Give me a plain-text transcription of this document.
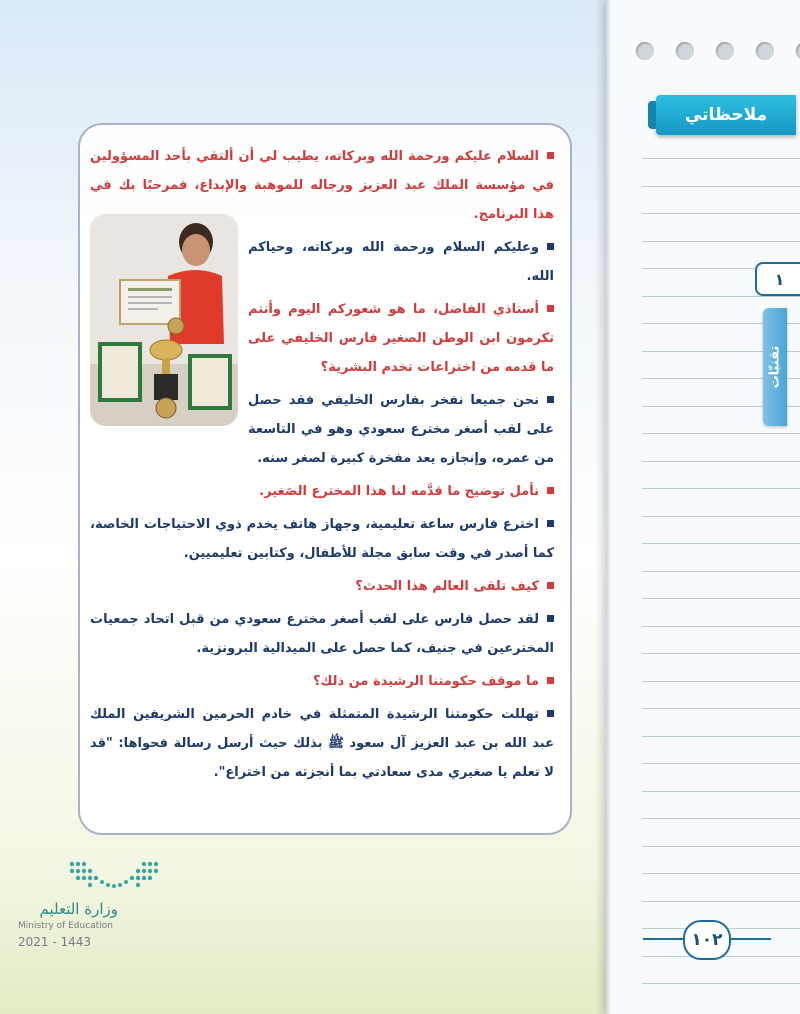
ملاحظاتي
١
تقنيّات
١٠٢

السلام عليكم ورحمة الله وبركاته، يطيب لي أن ألتقي بأحد المسؤولين في مؤسسة الملك عبد العزيز ورجاله للموهبة والإبداع، فمرحبًا بك في هذا البرنامج.

وعليكم السلام ورحمة الله وبركاته، وحياكم الله.

أستاذي الفاضل، ما هو شعوركم اليوم وأنتم تكرمون ابن الوطن الصغير فارس الخليفي على ما قدمه من اختراعات تخدم البشرية؟

نحن جميعا نفخر بفارس الخليفي فقد حصل على لقب أصغر مخترع سعودي وهو في التاسعة من عمره، وإنجازه يعد مفخرة كبيرة لصغر سنه.

نأمل توضيح ما قدَّمه لنا هذا المخترع الصَغير.

اخترع فارس ساعة تعليمية، وجهاز هاتف يخدم ذوي الاحتياجات الخاصة، كما أصدر في وقت سابق مجلة للأطفال، وكتابين تعليميين.

كيف تلقى العالم هذا الحدث؟

لقد حصل فارس على لقب أصغر مخترع سعودي من قبل اتحاد جمعيات المخترعين في جنيف، كما حصل على الميدالية البرونزية.

ما موقف حكومتنا الرشيدة من ذلك؟

تهللت حكومتنا الرشيدة المتمثلة في خادم الحرمين الشريفين الملك عبد الله بن عبد العزيز آل سعود ﷺ بذلك حيث أرسل رسالة فحواها: "قد لا تعلم يا صغيري مدى سعادتي بما أنجزته من اختراع".

وزارة التعليم
Ministry of Education
2021 - 1443
